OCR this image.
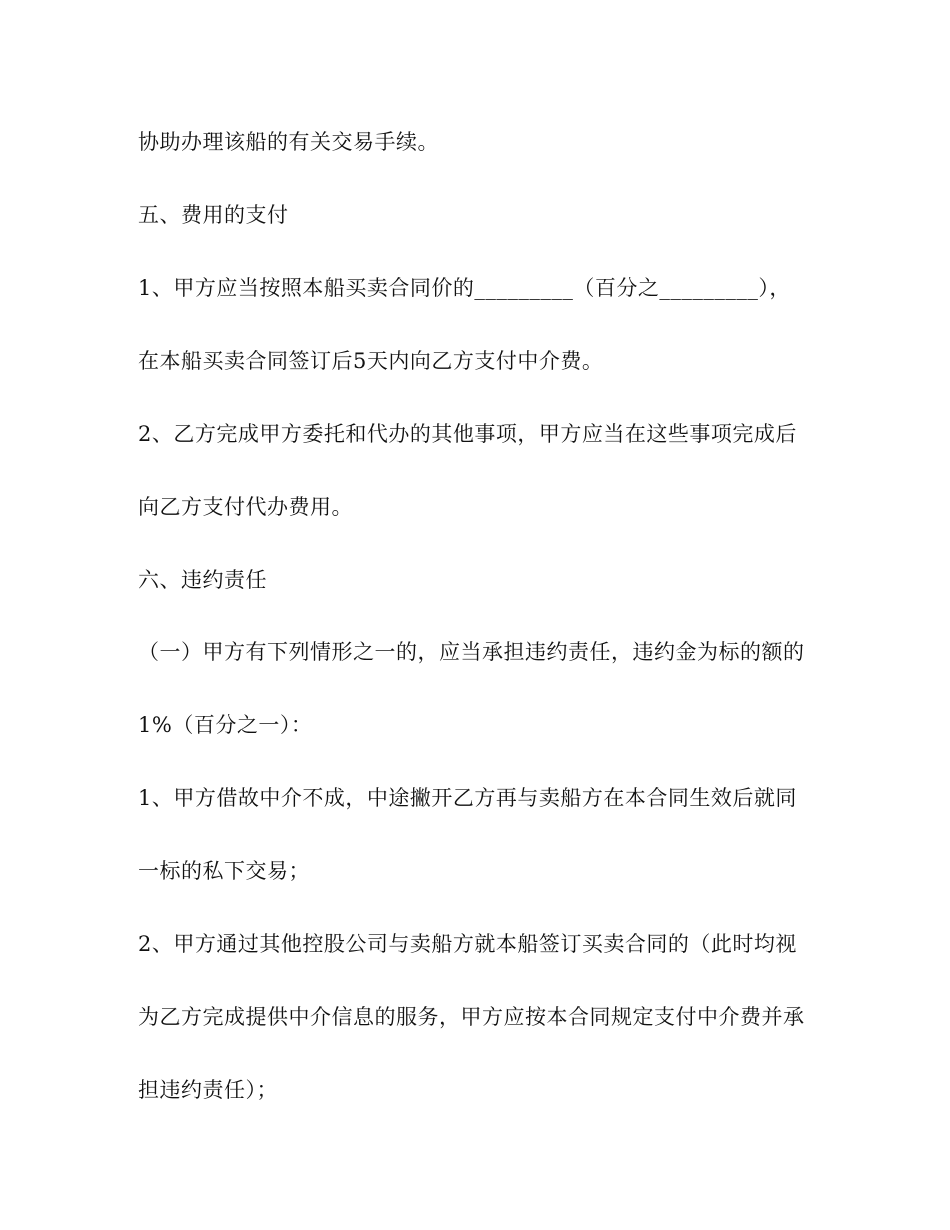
协助办理该船的有关交易手续。

五、费用的支付

1、甲方应当按照本船买卖合同价的_________（百分之_________），

在本船买卖合同签订后5天内向乙方支付中介费。

2、乙方完成甲方委托和代办的其他事项，甲方应当在这些事项完成后

向乙方支付代办费用。

六、违约责任

（一）甲方有下列情形之一的，应当承担违约责任，违约金为标的额的

1%（百分之一）：

1、甲方借故中介不成，中途撇开乙方再与卖船方在本合同生效后就同

一标的私下交易；

2、甲方通过其他控股公司与卖船方就本船签订买卖合同的（此时均视

为乙方完成提供中介信息的服务，甲方应按本合同规定支付中介费并承

担违约责任）；
